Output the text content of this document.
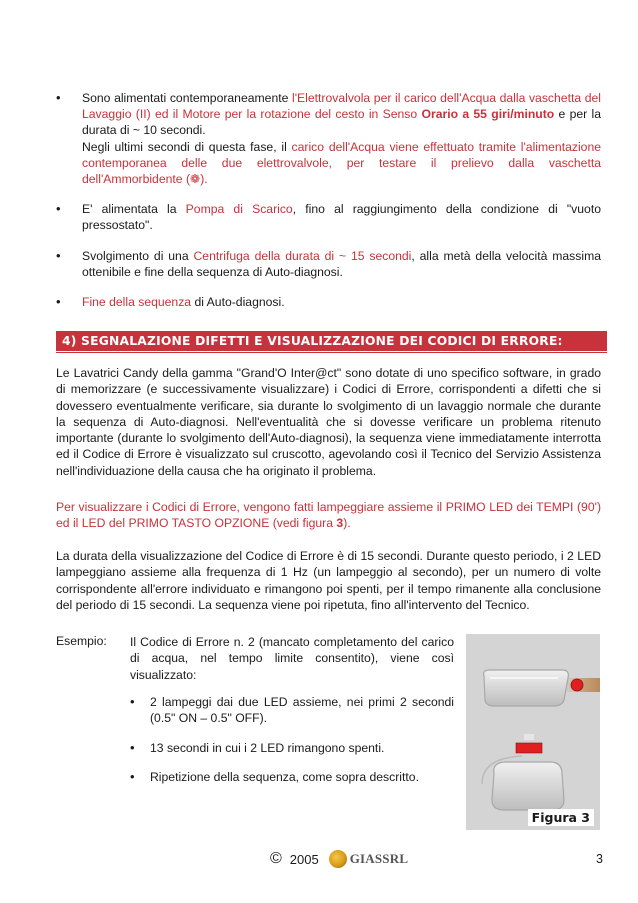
•	Sono alimentati contemporaneamente l'Elettrovalvola per il carico dell'Acqua dalla vaschetta del Lavaggio (II) ed il Motore per la rotazione del cesto in Senso Orario a 55 giri/minuto e per la durata di ~ 10 secondi.
Negli ultimi secondi di questa fase, il carico dell'Acqua viene effettuato tramite l'alimentazione contemporanea delle due elettrovalvole, per testare il prelievo dalla vaschetta dell'Ammorbidente (❁).
•	E' alimentata la Pompa di Scarico, fino al raggiungimento della condizione di "vuoto pressostato".
•	Svolgimento di una Centrifuga della durata di ~ 15 secondi, alla metà della velocità massima ottenibile e fine della sequenza di Auto-diagnosi.
•	Fine della sequenza di Auto-diagnosi.
4) SEGNALAZIONE DIFETTI E VISUALIZZAZIONE DEI CODICI DI ERRORE:
Le Lavatrici Candy della gamma "Grand'O Inter@ct" sono dotate di uno specifico software, in grado di memorizzare (e successivamente visualizzare) i Codici di Errore, corrispondenti a difetti che si dovessero eventualmente verificare, sia durante lo svolgimento di un lavaggio normale che durante la sequenza di Auto-diagnosi. Nell'eventualità che si dovesse verificare un problema ritenuto importante (durante lo svolgimento dell'Auto-diagnosi), la sequenza viene immediatamente interrotta ed il Codice di Errore è visualizzato sul cruscotto, agevolando così il Tecnico del Servizio Assistenza nell'individuazione della causa che ha originato il problema.
Per visualizzare i Codici di Errore, vengono fatti lampeggiare assieme il PRIMO LED dei TEMPI (90') ed il LED del PRIMO TASTO OPZIONE (vedi figura 3).
La durata della visualizzazione del Codice di Errore è di 15 secondi. Durante questo periodo, i 2 LED lampeggiano assieme alla frequenza di 1 Hz (un lampeggio al secondo), per un numero di volte corrispondente all'errore individuato e rimangono poi spenti, per il tempo rimanente alla conclusione del periodo di 15 secondi. La sequenza viene poi ripetuta, fino all'intervento del Tecnico.
Esempio: Il Codice di Errore n. 2 (mancato completamento del carico di acqua, nel tempo limite consentito), viene così visualizzato:
•	2 lampeggi dai due LED assieme, nei primi 2 secondi (0.5" ON – 0.5" OFF).
•	13 secondi in cui i 2 LED rimangono spenti.
•	Ripetizione della sequenza, come sopra descritto.
Figura 3
© 2005 GIASSRL	3
